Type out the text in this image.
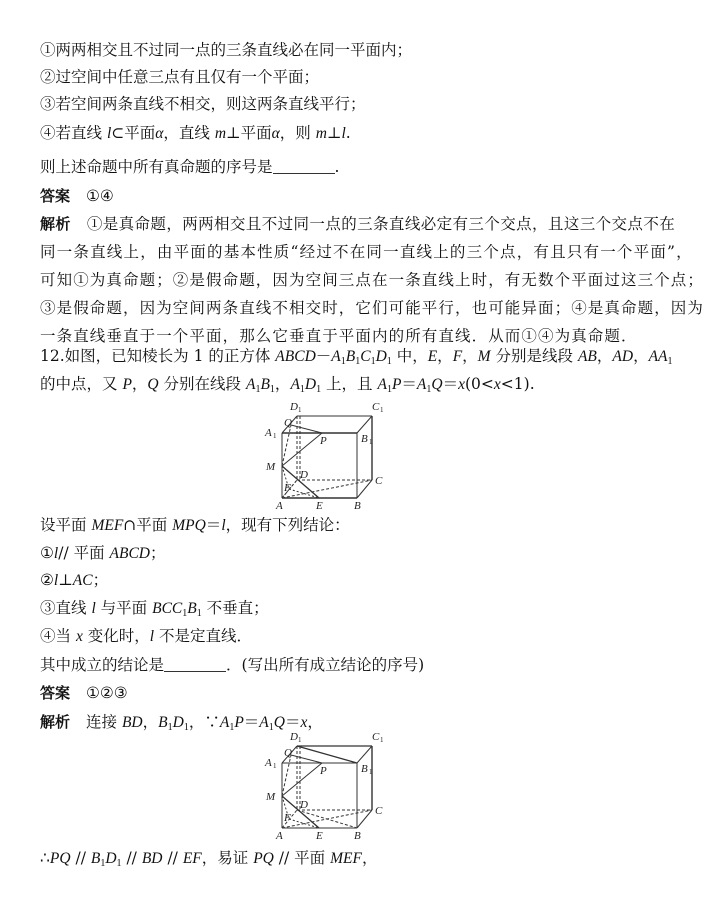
①两两相交且不过同一点的三条直线必在同一平面内；
②过空间中任意三点有且仅有一个平面；
③若空间两条直线不相交，则这两条直线平行；
④若直线 l⊂平面α，直线 m⊥平面α，则 m⊥l.
则上述命题中所有真命题的序号是	.
答案 ①④
解析 ①是真命题，两两相交且不过同一点的三条直线必定有三个交点，且这三个交点不在
同一条直线上，由平面的基本性质“经过不在同一直线上的三个点，有且只有一个平面”，
可知①为真命题；②是假命题，因为空间三点在一条直线上时，有无数个平面过这三个点；
③是假命题，因为空间两条直线不相交时，它们可能平行，也可能异面；④是真命题，因为
一条直线垂直于一个平面，那么它垂直于平面内的所有直线．从而①④为真命题．
12.如图，已知棱长为 1 的正方体 $ABCD-A_1B_1C_1D_1$ 中，E，F，M 分别是线段 AB，AD，$AA_1$
的中点，又 P，Q 分别在线段 $A_1B_1$，$A_1D_1$ 上，且 $A_1P=A_1Q=x(0<x<1)$.
D 1	C 1
Q
A 1	P	B 1
M
D	C
F
A	E	B
设平面 MEF∩平面 MPQ＝l，现有下列结论：
①l// 平面 ABCD；
②l⊥AC；
③直线 l 与平面 $BCC_1B_1$ 不垂直；
④当 x 变化时，l 不是定直线．
其中成立的结论是	．(写出所有成立结论的序号)
答案 ①②③
解析 连接 BD，$B_1D_1$，$\because A_1P=A_1Q=x$，
D 1	C 1
Q
A 1	P	B 1
M
D	C
F
A	E	B
∴PQ // $B_1D_1$ // BD // EF，易证 PQ // 平面 MEF，
